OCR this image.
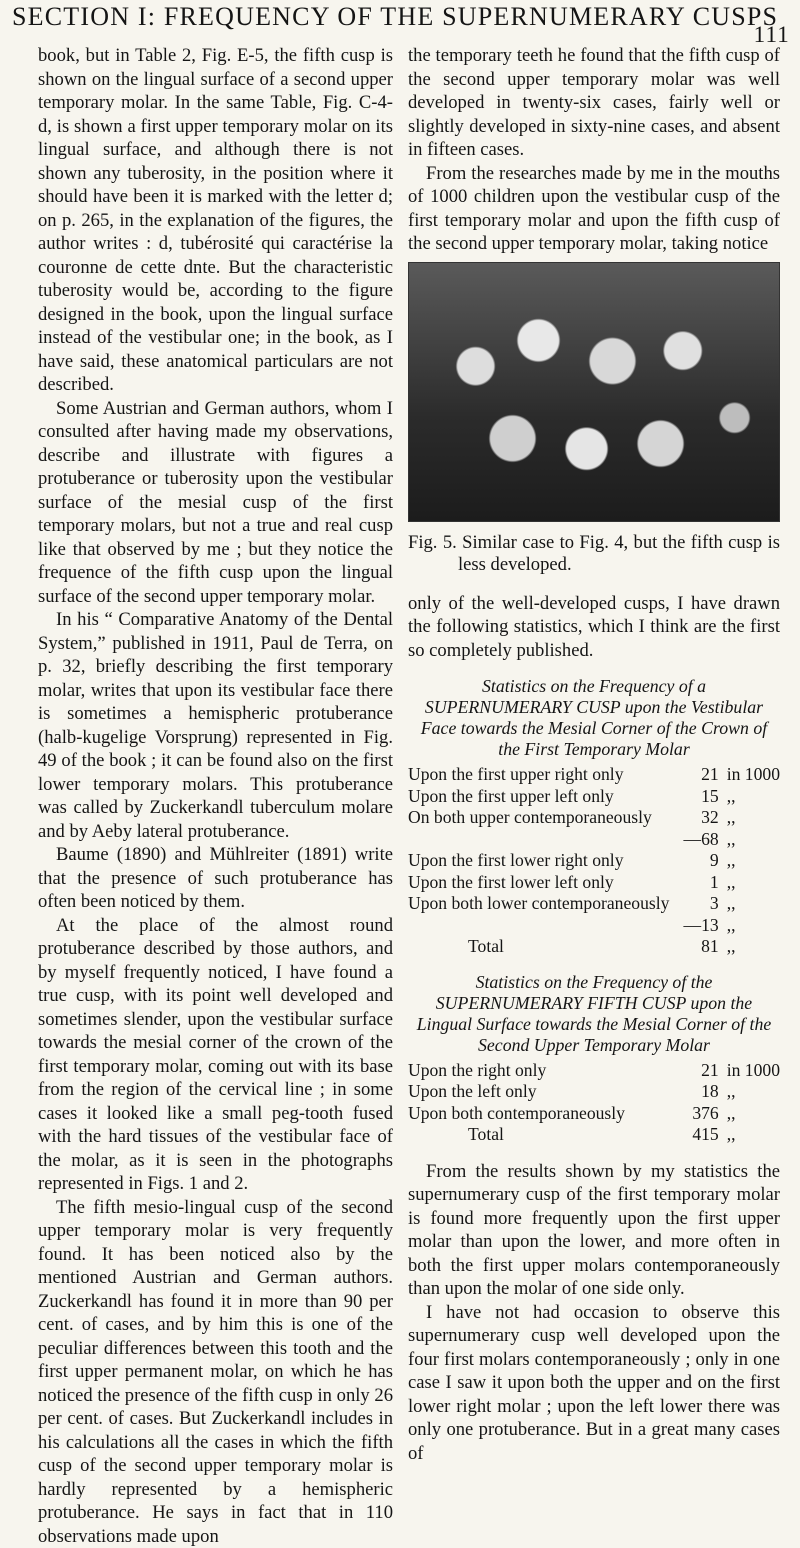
SECTION I: FREQUENCY OF THE SUPERNUMERARY CUSPS
111

book, but in Table 2, Fig. E-5, the fifth cusp is shown on the lingual surface of a second upper temporary molar. In the same Table, Fig. C-4-d, is shown a first upper temporary molar on its lingual surface, and although there is not shown any tuberosity, in the position where it should have been it is marked with the letter d; on p. 265, in the explanation of the figures, the author writes : d, tubérosité qui caractérise la couronne de cette dnte. But the characteristic tuberosity would be, according to the figure designed in the book, upon the lingual surface instead of the vestibular one; in the book, as I have said, these anatomical particulars are not described.

Some Austrian and German authors, whom I consulted after having made my observations, describe and illustrate with figures a protuberance or tuberosity upon the vestibular surface of the mesial cusp of the first temporary molars, but not a true and real cusp like that observed by me ; but they notice the frequence of the fifth cusp upon the lingual surface of the second upper temporary molar.

In his “ Comparative Anatomy of the Dental System,” published in 1911, Paul de Terra, on p. 32, briefly describing the first temporary molar, writes that upon its vestibular face there is sometimes a hemispheric protuberance (halb-kugelige Vorsprung) represented in Fig. 49 of the book ; it can be found also on the first lower temporary molars. This protuberance was called by Zuckerkandl tuberculum molare and by Aeby lateral protuberance.

Baume (1890) and Mühlreiter (1891) write that the presence of such protuberance has often been noticed by them.

At the place of the almost round protuberance described by those authors, and by myself frequently noticed, I have found a true cusp, with its point well developed and sometimes slender, upon the vestibular surface towards the mesial corner of the crown of the first temporary molar, coming out with its base from the region of the cervical line ; in some cases it looked like a small peg-tooth fused with the hard tissues of the vestibular face of the molar, as it is seen in the photographs represented in Figs. 1 and 2.

The fifth mesio-lingual cusp of the second upper temporary molar is very frequently found. It has been noticed also by the mentioned Austrian and German authors. Zuckerkandl has found it in more than 90 per cent. of cases, and by him this is one of the peculiar differences between this tooth and the first upper permanent molar, on which he has noticed the presence of the fifth cusp in only 26 per cent. of cases. But Zuckerkandl includes in his calculations all the cases in which the fifth cusp of the second upper temporary molar is hardly represented by a hemispheric protuberance. He says in fact that in 110 observations made upon

the temporary teeth he found that the fifth cusp of the second upper temporary molar was well developed in twenty-six cases, fairly well or slightly developed in sixty-nine cases, and absent in fifteen cases.

From the researches made by me in the mouths of 1000 children upon the vestibular cusp of the first temporary molar and upon the fifth cusp of the second upper temporary molar, taking notice

Fig. 5. Similar case to Fig. 4, but the fifth cusp is less developed.

only of the well-developed cusps, I have drawn the following statistics, which I think are the first so completely published.

Statistics on the Frequency of a SUPERNUMERARY CUSP upon the Vestibular Face towards the Mesial Corner of the Crown of the First Temporary Molar
Upon the first upper right only	21	in 1000
Upon the first upper left only	15	,,
On both upper contemporaneously	32	,,
	—68	,,
Upon the first lower right only	9	,,
Upon the first lower left only	1	,,
Upon both lower contemporaneously	3	,,
	—13	,,
Total	81	,,
Statistics on the Frequency of the SUPERNUMERARY FIFTH CUSP upon the Lingual Surface towards the Mesial Corner of the Second Upper Temporary Molar
Upon the right only	21	in 1000
Upon the left only	18	,,
Upon both contemporaneously	376	,,
Total	415	,,

From the results shown by my statistics the supernumerary cusp of the first temporary molar is found more frequently upon the first upper molar than upon the lower, and more often in both the first upper molars contemporaneously than upon the molar of one side only.

I have not had occasion to observe this supernumerary cusp well developed upon the four first molars contemporaneously ; only in one case I saw it upon both the upper and on the first lower right molar ; upon the left lower there was only one protuberance. But in a great many cases of
